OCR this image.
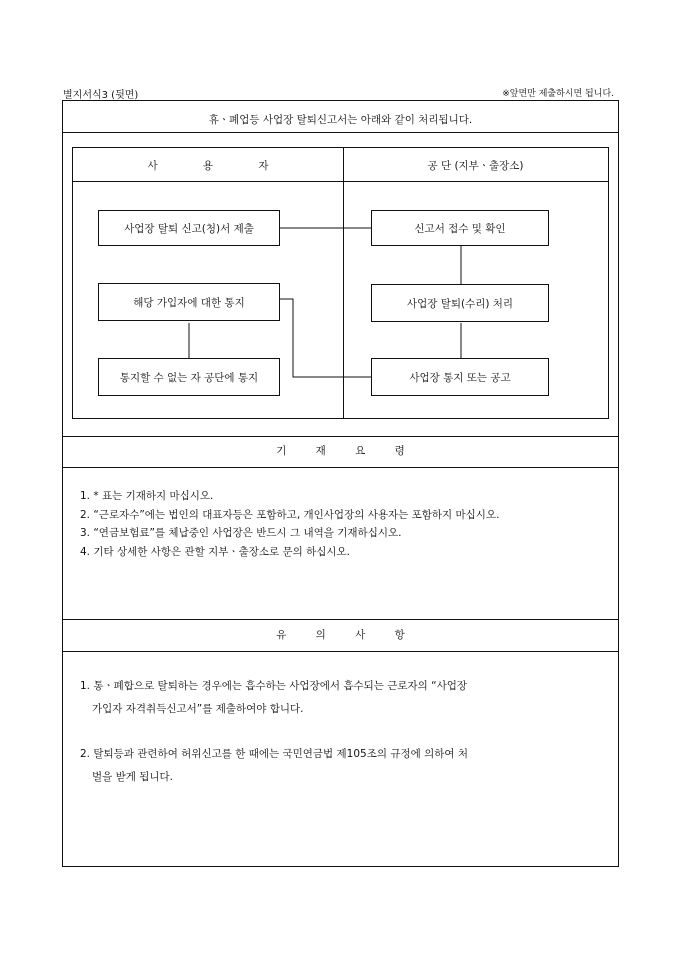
별지서식3 (뒷면)	※앞면만 제출하시면 됩니다.
휴ㆍ폐업등 사업장 탈퇴신고서는 아래와 같이 처리됩니다.
사 용 자	공 단 (지부ㆍ출장소)
사업장 탈퇴 신고(청)서 제출
해당 가입자에 대한 통지
통지할 수 없는 자 공단에 통지
신고서 접수 및 확인
사업장 탈퇴(수리) 처리
사업장 통지 또는 공고
기 재 요 령
1. * 표는 기재하지 마십시오.
2. “근로자수”에는 법인의 대표자등은 포함하고, 개인사업장의 사용자는 포함하지 마십시오.
3. “연금보험료”를 체납중인 사업장은 반드시 그 내역을 기재하십시오.
4. 기타 상세한 사항은 관할 지부ㆍ출장소로 문의 하십시오.
유 의 사 항
1. 통ㆍ폐합으로 탈퇴하는 경우에는 흡수하는 사업장에서 흡수되는 근로자의 “사업장
가입자 자격취득신고서”를 제출하여야 합니다.
2. 탈퇴등과 관련하여 허위신고를 한 때에는 국민연금법 제105조의 규정에 의하여 처
벌을 받게 됩니다.
